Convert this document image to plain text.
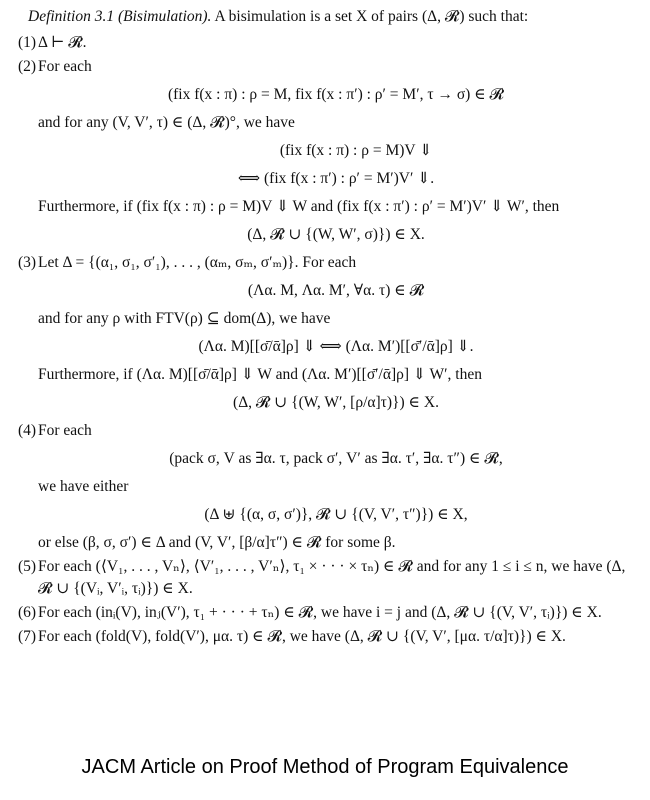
Definition 3.1 (Bisimulation). A bisimulation is a set X of pairs (Δ, 𝓡) such that:

(1) Δ ⊢ 𝓡.
(2) For each
(fix f(x : π) : ρ = M, fix f(x : π′) : ρ′ = M′, τ → σ) ∈ 𝓡
and for any (V, V′, τ) ∈ (Δ, 𝓡)°, we have
(fix f(x : π) : ρ = M)V ⇓
⟺ (fix f(x : π′) : ρ′ = M′)V′ ⇓.
Furthermore, if (fix f(x : π) : ρ = M)V ⇓ W and (fix f(x : π′) : ρ′ = M′)V′ ⇓ W′, then
(Δ, 𝓡 ∪ {(W, W′, σ)}) ∈ X.
(3) Let Δ = {(α₁, σ₁, σ′₁), . . . , (αₘ, σₘ, σ′ₘ)}. For each
(Λα. M, Λα. M′, ∀α. τ) ∈ 𝓡
and for any ρ with FTV(ρ) ⊆ dom(Δ), we have
(Λα. M)[[σ̄/ᾱ]ρ] ⇓ ⟺ (Λα. M′)[[σ̄′/ᾱ]ρ] ⇓.
Furthermore, if (Λα. M)[[σ̄/ᾱ]ρ] ⇓ W and (Λα. M′)[[σ̄′/ᾱ]ρ] ⇓ W′, then
(Δ, 𝓡 ∪ {(W, W′, [ρ/α]τ)}) ∈ X.
(4) For each
(pack σ, V as ∃α. τ, pack σ′, V′ as ∃α. τ′, ∃α. τ″) ∈ 𝓡,
we have either
(Δ ⊎ {(α, σ, σ′)}, 𝓡 ∪ {(V, V′, τ″)}) ∈ X,
or else (β, σ, σ′) ∈ Δ and (V, V′, [β/α]τ″) ∈ 𝓡 for some β.
(5) For each (⟨V₁, . . . , Vₙ⟩, ⟨V′₁, . . . , V′ₙ⟩, τ₁ × · · · × τₙ) ∈ 𝓡 and for any 1 ≤ i ≤ n, we have (Δ, 𝓡 ∪ {(Vᵢ, V′ᵢ, τᵢ)}) ∈ X.
(6) For each (inᵢ(V), inⱼ(V′), τ₁ + · · · + τₙ) ∈ 𝓡, we have i = j and (Δ, 𝓡 ∪ {(V, V′, τᵢ)}) ∈ X.
(7) For each (fold(V), fold(V′), μα. τ) ∈ 𝓡, we have (Δ, 𝓡 ∪ {(V, V′, [μα. τ/α]τ)}) ∈ X.
JACM Article on Proof Method of Program Equivalence
